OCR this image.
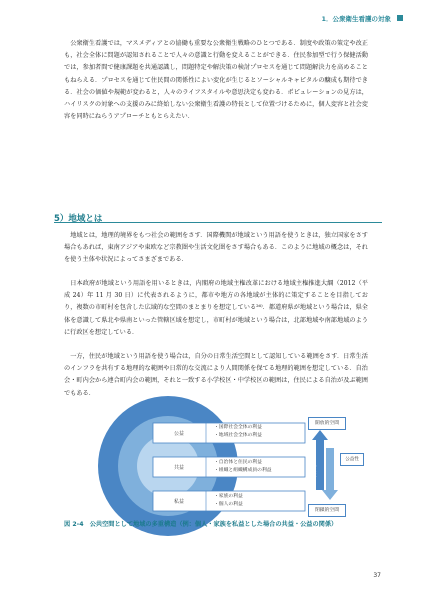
1．公衆衛生看護の対象

公衆衛生看護では，マスメディアとの協働も重要な公衆衛生戦略のひとつである．制度や政策の策定や改正も，社会全体に問題が認知されることで人々の意識と行動を変えることができる．住民参加型で行う保健活動では，参加者間で健康課題を共通認識し，問題特定や解決策の検討プロセスを通じて問題解決力を高めることもねらえる．プロセスを通じて住民間の関係性によい変化が生じるとソーシャルキャピタルの醸成も期待できる．社会の価値や規範が変わると，人々のライフスタイルや意思決定も変わる．ポピュレーションの見方は，ハイリスクの対象への支援のみに終始しない公衆衛生看護の特長として位置づけるために，個人変容と社会変容を同時にねらうアプローチともとらえたい．

5）地域とは

地域とは，地理的境界をもつ社会の範囲をさす．国際機関が地域という用語を使うときは，独立国家をさす場合もあれば，東南アジアや東欧など宗教圏や生活文化圏をさす場合もある．このように地域の概念は，それを使う主体や状況によってさまざまである．

日本政府が地域という用語を用いるときは，内閣府の地域主権改革における地域主権推進大綱（2012（平成 24）年 11 月 30 日）に代表されるように，都市や地方の各地域が主体的に策定することを目指しており，複数の市町村を包含した広域的な空間のまとまりを想定している²⁶⁾．都道府県が地域という場合は，県全体を意識して県北や県南といった管轄区域を想定し，市町村が地域という場合は，北部地域や南部地域のように行政区を想定している．

一方，住民が地域という用語を使う場合は，自分の日常生活空間として認知している範囲をさす．日常生活のインフラを共有する地理的な範囲や日常的な交流により人間関係を保てる地理的範囲を想定している．自治会・町内会から連合町内会の範囲，それと一致する小学校区・中学校区の範囲は，住民による自治が及ぶ範囲でもある．

公益
共益
私益
・国際社会全体の利益
・地域社会全体の利益
・自治体と住民の利益
・組織と組織構成員の利益
・家族の利益
・個人の利益
開放的空間
閉鎖的空間
公益性
私益性
図 2-4　公共空間として地域の多重構造（例：個人・家族を私益とした場合の共益・公益の関係）
37
